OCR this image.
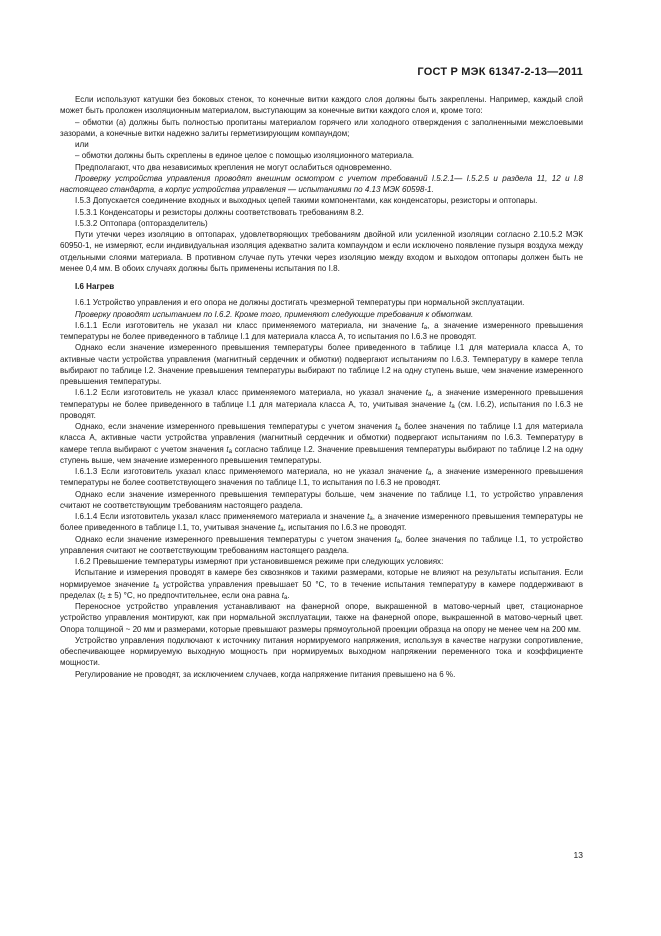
ГОСТ Р МЭК 61347-2-13—2011

Если используют катушки без боковых стенок, то конечные витки каждого слоя должны быть закреплены. Например, каждый слой может быть проложен изоляционным материалом, выступающим за конечные витки каждого слоя и, кроме того:

– обмотки (а) должны быть полностью пропитаны материалом горячего или холодного отверждения с заполненными межслоевыми зазорами, а конечные витки надежно залиты герметизирующим компаундом;

или

– обмотки должны быть скреплены в единое целое с помощью изоляционного материала.

Предполагают, что два независимых крепления не могут ослабиться одновременно.

Проверку устройства управления проводят внешним осмотром с учетом требований I.5.2.1— I.5.2.5 и раздела 11, 12 и I.8 настоящего стандарта, а корпус устройства управления — испытаниями по 4.13 МЭК 60598-1.

I.5.3 Допускается соединение входных и выходных цепей такими компонентами, как конденсаторы, резисторы и оптопары.

I.5.3.1 Конденсаторы и резисторы должны соответствовать требованиям 8.2.

I.5.3.2 Оптопара (опторазделитель)

Пути утечки через изоляцию в оптопарах, удовлетворяющих требованиям двойной или усиленной изоляции согласно 2.10.5.2 МЭК 60950-1, не измеряют, если индивидуальная изоляция адекватно залита компаундом и если исключено появление пузыря воздуха между отдельными слоями материала. В противном случае путь утечки через изоляцию между входом и выходом оптопары должен быть не менее 0,4 мм. В обоих случаях должны быть применены испытания по I.8.

I.6 Нагрев

I.6.1 Устройство управления и его опора не должны достигать чрезмерной температуры при нормальной эксплуатации.

Проверку проводят испытанием по I.6.2. Кроме того, применяют следующие требования к обмоткам.

I.6.1.1 Если изготовитель не указал ни класс применяемого материала, ни значение $t_a$, а значение измеренного превышения температуры не более приведенного в таблице I.1 для материала класса А, то испытания по I.6.3 не проводят.

Однако если значение измеренного превышения температуры более приведенного в таблице I.1 для материала класса А, то активные части устройства управления (магнитный сердечник и обмотки) подвергают испытаниям по I.6.3. Температуру в камере тепла выбирают по таблице I.2. Значение превышения температуры выбирают по таблице I.2 на одну ступень выше, чем значение измеренного превышения температуры.

I.6.1.2 Если изготовитель не указал класс применяемого материала, но указал значение $t_a$, а значение измеренного превышения температуры не более приведенного в таблице I.1 для материала класса А, то, учитывая значение $t_a$ (см. I.6.2), испытания по I.6.3 не проводят.

Однако, если значение измеренного превышения температуры с учетом значения $t_a$ более значения по таблице I.1 для материала класса А, активные части устройства управления (магнитный сердечник и обмотки) подвергают испытаниям по I.6.3. Температуру в камере тепла выбирают с учетом значения $t_a$ согласно таблице I.2. Значение превышения температуры выбирают по таблице I.2 на одну ступень выше, чем значение измеренного превышения температуры.

I.6.1.3 Если изготовитель указал класс применяемого материала, но не указал значение $t_a$, а значение измеренного превышения температуры не более соответствующего значения по таблице I.1, то испытания по I.6.3 не проводят.

Однако если значение измеренного превышения температуры больше, чем значение по таблице I.1, то устройство управления считают не соответствующим требованиям настоящего раздела.

I.6.1.4 Если изготовитель указал класс применяемого материала и значение $t_a$, а значение измеренного превышения температуры не более приведенного в таблице I.1, то, учитывая значение $t_a$, испытания по I.6.3 не проводят.

Однако если значение измеренного превышения температуры с учетом значения $t_a$, более значения по таблице I.1, то устройство управления считают не соответствующим требованиям настоящего раздела.

I.6.2 Превышение температуры измеряют при установившемся режиме при следующих условиях:

Испытание и измерения проводят в камере без сквозняков и такими размерами, которые не влияют на результаты испытания. Если нормируемое значение $t_a$ устройства управления превышает 50 °С, то в течение испытания температуру в камере поддерживают в пределах $(t_c \pm 5)$ °С, но предпочтительнее, если она равна $t_a$.

Переносное устройство управления устанавливают на фанерной опоре, выкрашенной в матово-черный цвет, стационарное устройство управления монтируют, как при нормальной эксплуатации, также на фанерной опоре, выкрашенной в матово-черный цвет. Опора толщиной ~ 20 мм и размерами, которые превышают размеры прямоугольной проекции образца на опору не менее чем на 200 мм.

Устройство управления подключают к источнику питания нормируемого напряжения, используя в качестве нагрузки сопротивление, обеспечивающее нормируемую выходную мощность при нормируемых выходном напряжении переменного тока и коэффициенте мощности.

Регулирование не проводят, за исключением случаев, когда напряжение питания превышено на 6 %.

13
